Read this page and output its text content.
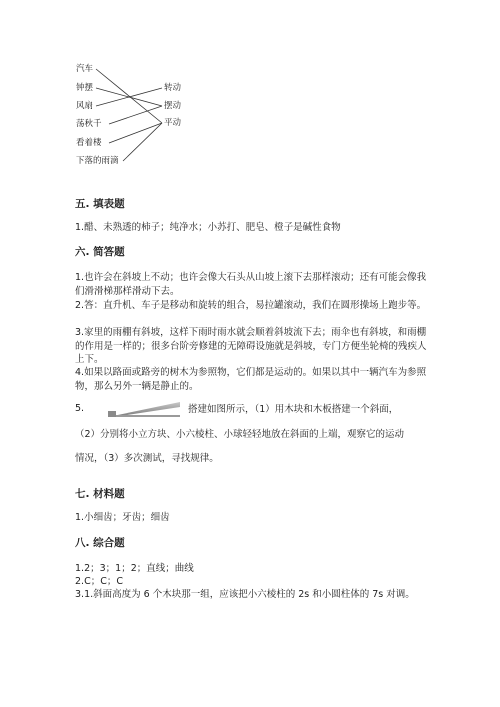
汽车
钟摆
风扇
荡秋千
看着楼
下落的雨滴
转动
摆动
平动
五. 填表题
1.醋、未熟透的柿子；纯净水；小苏打、肥皂、橙子是碱性食物
六. 简答题
1.也许会在斜坡上不动；也许会像大石头从山坡上滚下去那样滚动；还有可能会像我们滑滑梯那样滑动下去。
2.答：直升机、车子是移动和旋转的组合，易拉罐滚动，我们在圆形操场上跑步等。
3.家里的雨棚有斜坡，这样下雨时雨水就会顺着斜坡流下去；雨伞也有斜坡，和雨棚的作用是一样的；很多台阶旁修建的无障碍设施就是斜坡，专门方便坐轮椅的残疾人上下。
4.如果以路面或路旁的树木为参照物，它们都是运动的。如果以其中一辆汽车为参照物，那么另外一辆是静止的。
5.	搭建如图所示，（1）用木块和木板搭建一个斜面，
（2）分别将小立方块、小六棱柱、小球轻轻地放在斜面的上端，观察它的运动
情况，（3）多次测试，寻找规律。
七. 材料题
1.小细齿；牙齿；细齿
八. 综合题
1.2；3；1；2；直线；曲线
2.C；C；C
3.1.斜面高度为 6 个木块那一组，应该把小六棱柱的 2s 和小圆柱体的 7s 对调。
